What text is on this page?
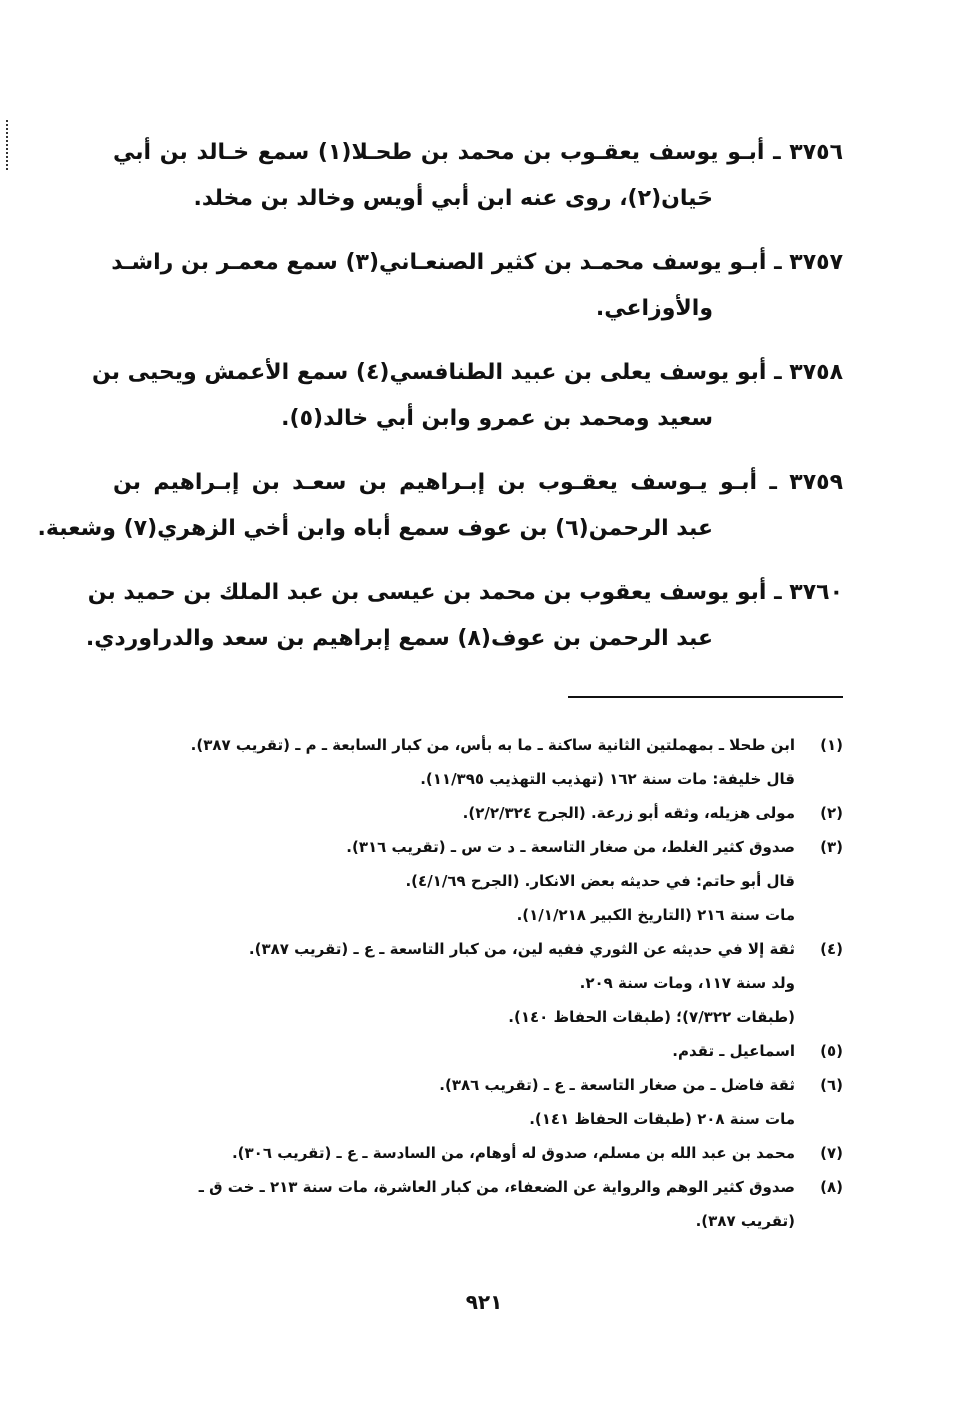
٣٧٥٦ ـ أبـو يوسف يعقـوب بن محمد بن طحـلا(١) سمع خـالد بن أبي
حَيان(٢)، روى عنه ابن أبي أويس وخالد بن مخلد.
٣٧٥٧ ـ أبـو يوسف محمـد بن كثير الصنعـاني(٣) سمع معمـر بن راشـد
والأوزاعي.
٣٧٥٨ ـ أبو يوسف يعلى بن عبيد الطنافسي(٤) سمع الأعمش ويحيى بن
سعيد ومحمد بن عمرو وابن أبي خالد(٥).
٣٧٥٩ ـ أبـو يـوسف يعقـوب بن إبـراهيم بن سعـد بن إبـراهيم بن
عبد الرحمن(٦) بن عوف سمع أباه وابن أخي الزهري(٧) وشعبة.
٣٧٦٠ ـ أبو يوسف يعقوب بن محمد بن عيسى بن عبد الملك بن حميد بن
عبد الرحمن بن عوف(٨) سمع إبراهيم بن سعد والدراوردي.
(١)ابن طحلا ـ بمهملتين الثانية ساكنة ـ ما به بأس، من كبار السابعة ـ م ـ (تقريب ٣٨٧).
قال خليفة: مات سنة ١٦٢ (تهذيب التهذيب ١١/٣٩٥).
(٢)مولى هزيله، وثقه أبو زرعة. (الجرح ٢/٢/٣٢٤).
(٣)صدوق كثير الغلط، من صغار التاسعة ـ د ت س ـ (تقريب ٣١٦).
قال أبو حاتم: في حديثه بعض الانكار. (الجرح ٤/١/٦٩).
مات سنة ٢١٦ (التاريخ الكبير ١/١/٢١٨).
(٤)ثقة إلا في حديثه عن الثوري ففيه لين، من كبار التاسعة ـ ع ـ (تقريب ٣٨٧).
ولد سنة ١١٧، ومات سنة ٢٠٩.
(طبقات ٧/٣٢٢)؛ (طبقات الحفاظ ١٤٠).
(٥)اسماعيل ـ تقدم.
(٦)ثقة فاضل ـ من صغار التاسعة ـ ع ـ (تقريب ٣٨٦).
مات سنة ٢٠٨ (طبقات الحفاظ ١٤١).
(٧)محمد بن عبد الله بن مسلم، صدوق له أوهام، من السادسة ـ ع ـ (تقريب ٣٠٦).
(٨)صدوق كثير الوهم والرواية عن الضعفاء، من كبار العاشرة، مات سنة ٢١٣ ـ خت ق ـ
(تقريب ٣٨٧).
٩٢١
